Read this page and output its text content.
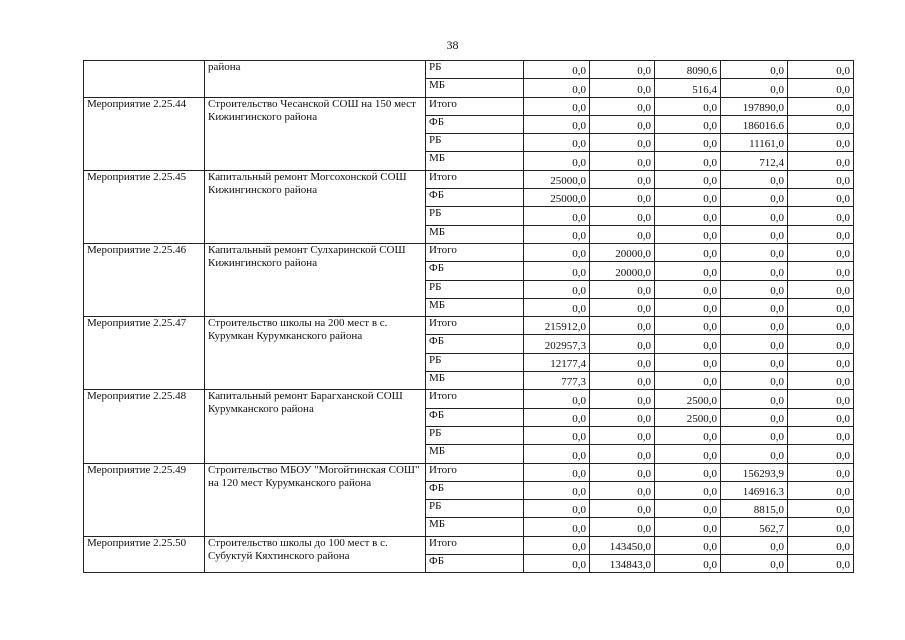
38
	района	РБ	0,0	0,0	8090,6	0,0	0,0
		МБ	0,0	0,0	516,4	0,0	0,0
Мероприятие 2.25.44	Строительство Чесанской СОШ на 150 мест Кижингинского района	Итого	0,0	0,0	0,0	197890,0	0,0
		ФБ	0,0	0,0	0,0	186016.6	0,0
		РБ	0,0	0,0	0,0	11161,0	0,0
		МБ	0,0	0,0	0,0	712,4	0,0
Мероприятие 2.25.45	Капитальный ремонт Могсохонской СОШ Кижингинского района	Итого	25000,0	0,0	0,0	0,0	0,0
		ФБ	25000,0	0,0	0,0	0,0	0,0
		РБ	0,0	0,0	0,0	0,0	0,0
		МБ	0,0	0,0	0,0	0,0	0,0
Мероприятие 2.25.46	Капитальный ремонт Сулхаринской СОШ Кижингинского района	Итого	0,0	20000,0	0,0	0,0	0,0
		ФБ	0,0	20000,0	0,0	0,0	0,0
		РБ	0,0	0,0	0,0	0,0	0,0
		МБ	0,0	0,0	0,0	0,0	0,0
Мероприятие 2.25.47	Строительство школы на 200 мест в с. Курумкан Курумканского района	Итого	215912,0	0,0	0,0	0,0	0,0
		ФБ	202957,3	0,0	0,0	0,0	0,0
		РБ	12177,4	0,0	0,0	0,0	0,0
		МБ	777,3	0,0	0,0	0,0	0,0
Мероприятие 2.25.48	Капитальный ремонт Барагханской СОШ Курумканского района	Итого	0,0	0,0	2500,0	0,0	0,0
		ФБ	0,0	0,0	2500,0	0,0	0,0
		РБ	0,0	0,0	0,0	0,0	0,0
		МБ	0,0	0,0	0,0	0,0	0,0
Мероприятие 2.25.49	Строительство МБОУ "Могойтинская СОШ" на 120 мест Курумканского района	Итого	0,0	0,0	0,0	156293,9	0,0
		ФБ	0,0	0,0	0,0	146916.3	0,0
		РБ	0,0	0,0	0,0	8815,0	0,0
		МБ	0,0	0,0	0,0	562,7	0,0
Мероприятие 2.25.50	Строительство школы до 100 мест в с. Субуктуй Кяхтинского района	Итого	0,0	143450,0	0,0	0,0	0,0
		ФБ	0,0	134843,0	0,0	0,0	0,0
